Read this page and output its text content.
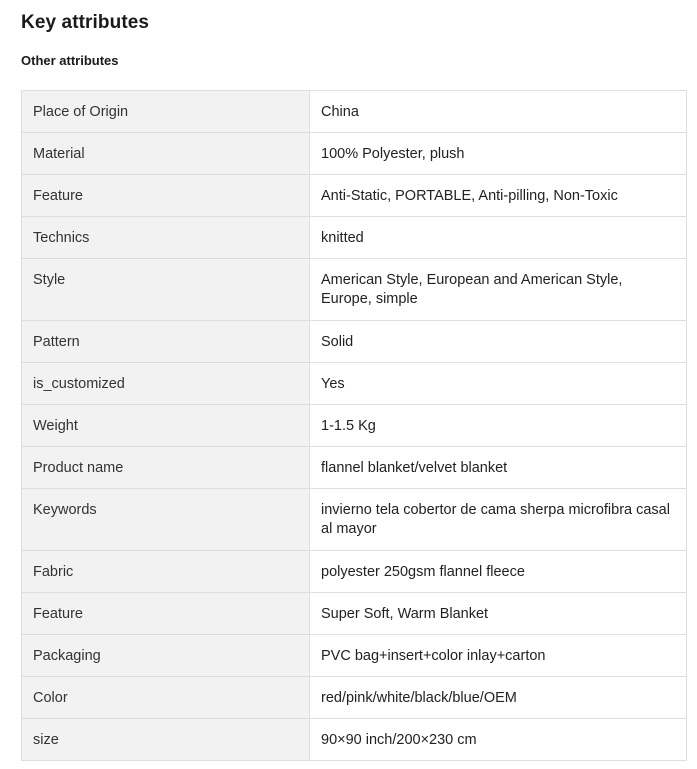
Key attributes
Other attributes
Place of Origin	China
Material	100% Polyester, plush
Feature	Anti-Static, PORTABLE, Anti-pilling, Non-Toxic
Technics	knitted
Style	American Style, European and American Style, Europe, simple
Pattern	Solid
is_customized	Yes
Weight	1-1.5 Kg
Product name	flannel blanket/velvet blanket
Keywords	invierno tela cobertor de cama sherpa microfibra casal al mayor
Fabric	polyester 250gsm flannel fleece
Feature	Super Soft, Warm Blanket
Packaging	PVC bag+insert+color inlay+carton
Color	red/pink/white/black/blue/OEM
size	90×90 inch/200×230 cm
